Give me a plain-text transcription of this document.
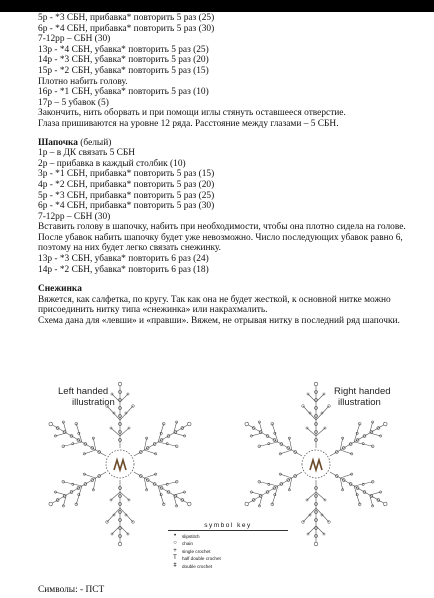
5р - *3 СБН, прибавка* повторить 5 раз (25)
6р - *4 СБН, прибавка* повторить 5 раз (30)
7-12рр – СБН (30)
13р - *4 СБН, убавка* повторить 5 раз (25)
14р - *3 СБН, убавка* повторить 5 раз (20)
15р - *2 СБН, убавка* повторить 5 раз (15)
Плотно набить голову.
16р - *1 СБН, убавка* повторить 5 раз (10)
17р – 5 убавок (5)
Закончить, нить оборвать и при помощи иглы стянуть оставшееся отверстие.
Глаза пришиваются на уровне 12 ряда. Расстояние между глазами – 5 СБН.
Шапочка (белый)
1р – в ДК связать 5 СБН
2р – прибавка в каждый столбик (10)
3р - *1 СБН, прибавка* повторить 5 раз (15)
4р - *2 СБН, прибавка* повторить 5 раз (20)
5р - *3 СБН, прибавка* повторить 5 раз (25)
6р - *4 СБН, прибавка* повторить 5 раз (30)
7-12рр – СБН (30)
Вставить голову в шапочку, набить при необходимости, чтобы она плотно сидела на голове. После убавок набить шапочку будет уже невозможно. Число последующих убавок равно 6, поэтому на них будет легко связать снежинку.
13р - *3 СБН, убавка* повторить 6 раз (24)
14р - *2 СБН, убавка* повторить 6 раз (18)
Снежинка
Вяжется, как салфетка, по кругу. Так как она не будет жесткой, к основной нитке можно присоединить нитку типа «снежинка» или накрахмалить.
Схема дана для «левши» и «правши». Вяжем, не отрывая нитку в последний ряд шапочки.
Left handed
illustration
Right handed
illustration
symbol key
•	slipstitch
○	chain
+	single crochet
T	half double crochet
ǂ	double crochet
Символы: - ПСТ
